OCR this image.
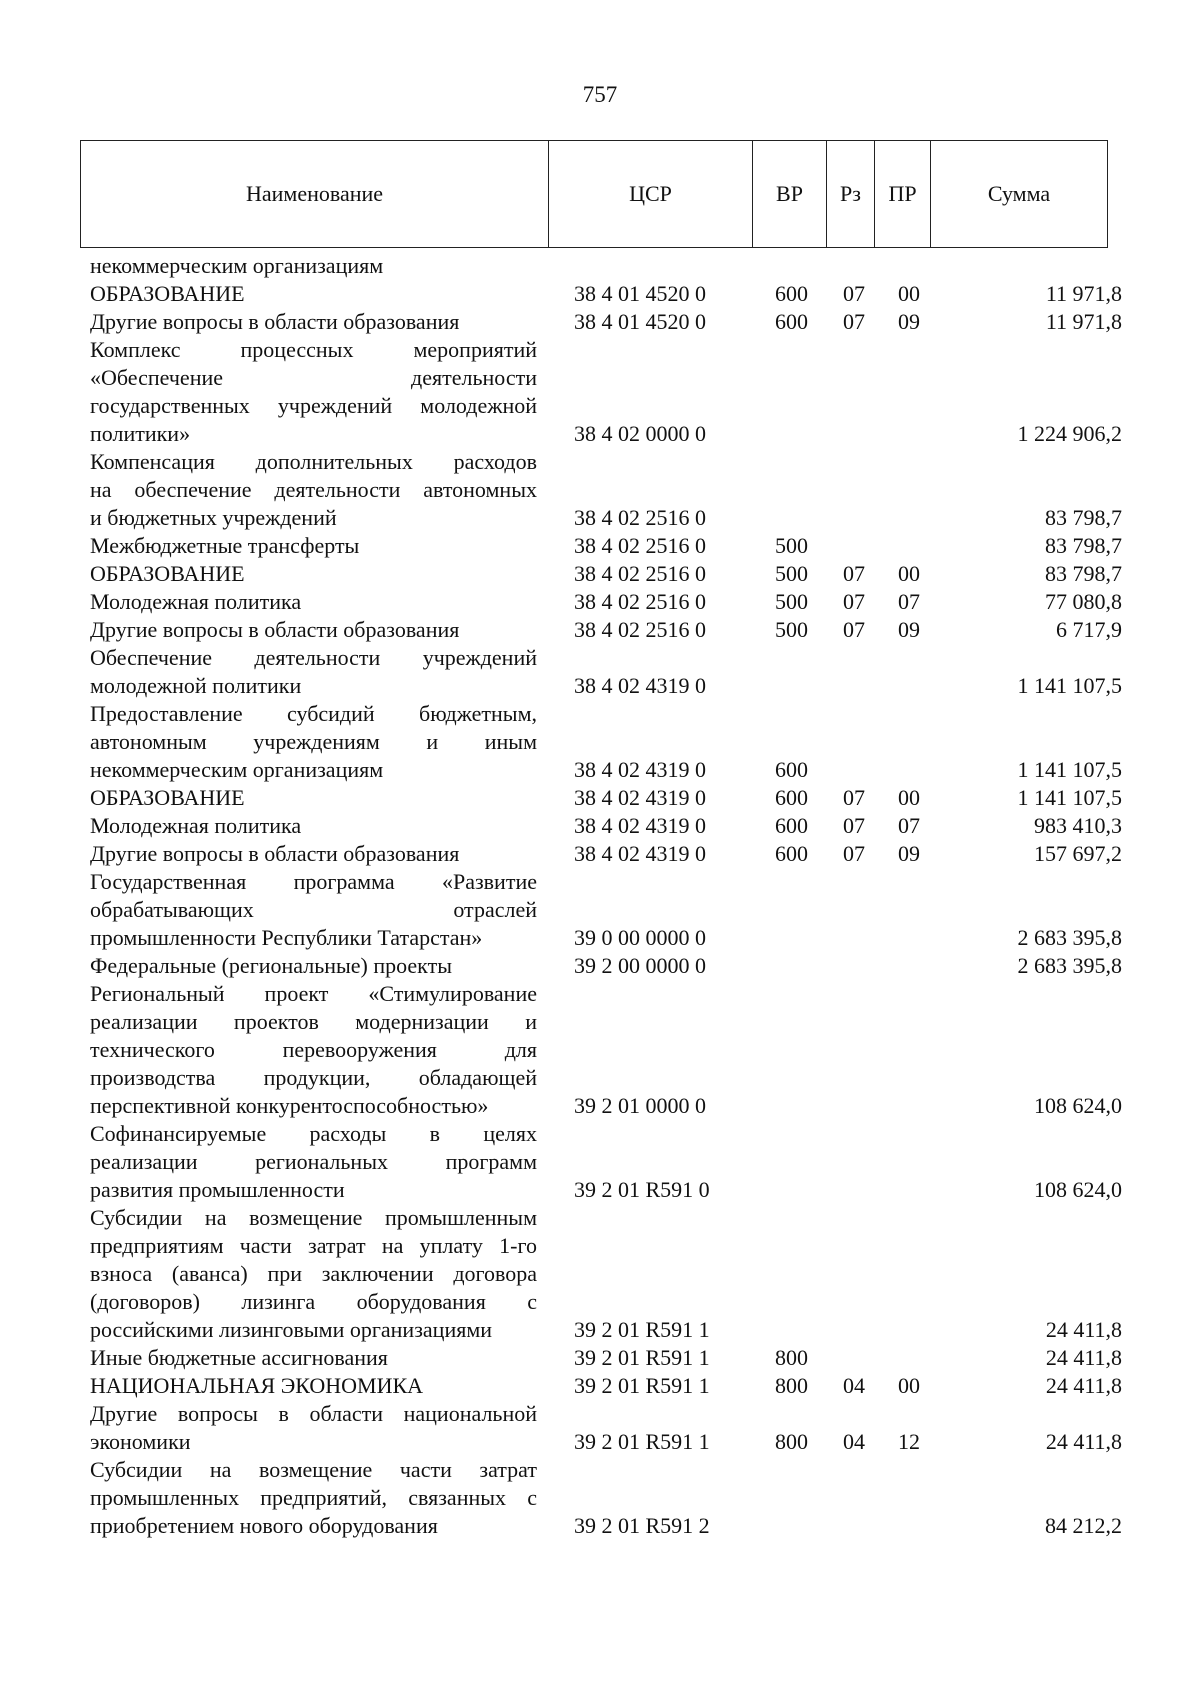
757
Наименование	ЦСР	ВР	Рз	ПР	Сумма
некоммерческим организациям
ОБРАЗОВАНИЕ	38 4 01 4520 0	600 07 00	11 971,8
Другие вопросы в области образования	38 4 01 4520 0	600 07 09	11 971,8
Комплекс процессных мероприятий
«Обеспечение деятельности
государственных учреждений молодежной
политики»	38 4 02 0000 0	1 224 906,2
Компенсация дополнительных расходов
на обеспечение деятельности автономных
и бюджетных учреждений	38 4 02 2516 0	83 798,7
Межбюджетные трансферты	38 4 02 2516 0	500	83 798,7
ОБРАЗОВАНИЕ	38 4 02 2516 0	500 07 00	83 798,7
Молодежная политика	38 4 02 2516 0	500 07 07	77 080,8
Другие вопросы в области образования	38 4 02 2516 0	500 07 09	6 717,9
Обеспечение деятельности учреждений
молодежной политики	38 4 02 4319 0	1 141 107,5
Предоставление субсидий бюджетным,
автономным учреждениям и иным
некоммерческим организациям	38 4 02 4319 0	600	1 141 107,5
ОБРАЗОВАНИЕ	38 4 02 4319 0	600 07 00	1 141 107,5
Молодежная политика	38 4 02 4319 0	600 07 07	983 410,3
Другие вопросы в области образования	38 4 02 4319 0	600 07 09	157 697,2
Государственная программа «Развитие
обрабатывающих отраслей
промышленности Республики Татарстан»	39 0 00 0000 0	2 683 395,8
Федеральные (региональные) проекты	39 2 00 0000 0	2 683 395,8
Региональный проект «Стимулирование
реализации проектов модернизации и
технического перевооружения для
производства продукции, обладающей
перспективной конкурентоспособностью»	39 2 01 0000 0	108 624,0
Софинансируемые расходы в целях
реализации региональных программ
развития промышленности	39 2 01 R591 0	108 624,0
Субсидии на возмещение промышленным
предприятиям части затрат на уплату 1-го
взноса (аванса) при заключении договора
(договоров) лизинга оборудования с
российскими лизинговыми организациями	39 2 01 R591 1	24 411,8
Иные бюджетные ассигнования	39 2 01 R591 1	800	24 411,8
НАЦИОНАЛЬНАЯ ЭКОНОМИКА	39 2 01 R591 1	800 04 00	24 411,8
Другие вопросы в области национальной
экономики	39 2 01 R591 1	800 04 12	24 411,8
Субсидии на возмещение части затрат
промышленных предприятий, связанных с
приобретением нового оборудования	39 2 01 R591 2	84 212,2
